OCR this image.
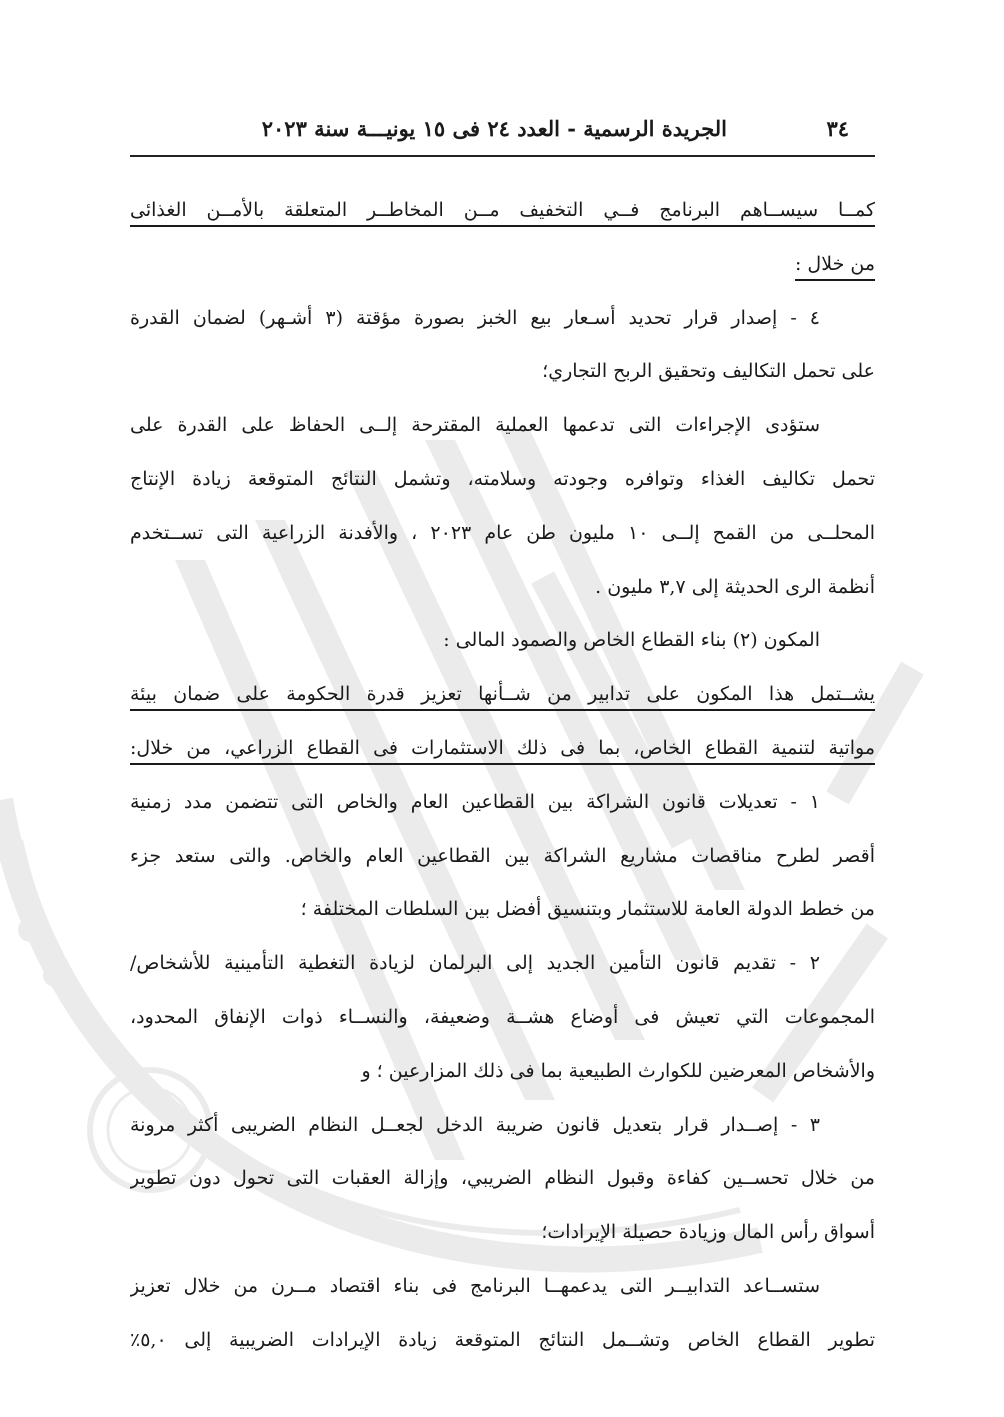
٣٤
الجريدة الرسمية - العدد ٢٤ فى ١٥ يونيـــة سنة ٢٠٢٣
كمــا سيســاهم البرنامج فــي التخفيف مــن المخاطــر المتعلقة بالأمــن الغذائى
من خلال :
٤ - إصدار قرار تحديد أسـعار بيع الخبز بصورة مؤقتة (٣ أشـهر) لضمان القدرة
على تحمل التكاليف وتحقيق الربح التجاري؛
ستؤدى الإجراءات التى تدعمها العملية المقترحة إلــى الحفاظ على القدرة على
تحمل تكاليف الغذاء وتوافره وجودته وسلامته، وتشمل النتائج المتوقعة زيادة الإنتاج
المحلــى من القمح إلــى ١٠ مليون طن عام ٢٠٢٣ ، والأفدنة الزراعية التى تســتخدم
أنظمة الرى الحديثة إلى ٣,٧ مليون .
المكون (٢) بناء القطاع الخاص والصمود المالى :
يشــتمل هذا المكون على تدابير من شــأنها تعزيز قدرة الحكومة على ضمان بيئة
مواتية لتنمية القطاع الخاص، بما فى ذلك الاستثمارات فى القطاع الزراعي، من خلال:
١ - تعديلات قانون الشراكة بين القطاعين العام والخاص التى تتضمن مدد زمنية
أقصر لطرح مناقصات مشاريع الشراكة بين القطاعين العام والخاص. والتى ستعد جزء
من خطط الدولة العامة للاستثمار وبتنسيق أفضل بين السلطات المختلفة ؛
٢ - تقديم قانون التأمين الجديد إلى البرلمان لزيادة التغطية التأمينية للأشخاص/
المجموعات التي تعيش فى أوضاع هشــة وضعيفة، والنســاء ذوات الإنفاق المحدود،
والأشخاص المعرضين للكوارث الطبيعية بما فى ذلك المزارعين ؛ و
٣ - إصــدار قرار بتعديل قانون ضريبة الدخل لجعــل النظام الضريبى أكثر مرونة
من خلال تحســين كفاءة وقبول النظام الضريبي، وإزالة العقبات التى تحول دون تطوير
أسواق رأس المال وزيادة حصيلة الإيرادات؛
ستســاعد التدابيــر التى يدعمهــا البرنامج فى بناء اقتصاد مــرن من خلال تعزيز
تطوير القطاع الخاص وتشــمل النتائج المتوقعة زيادة الإيرادات الضريبية إلى ٥,٠٪
